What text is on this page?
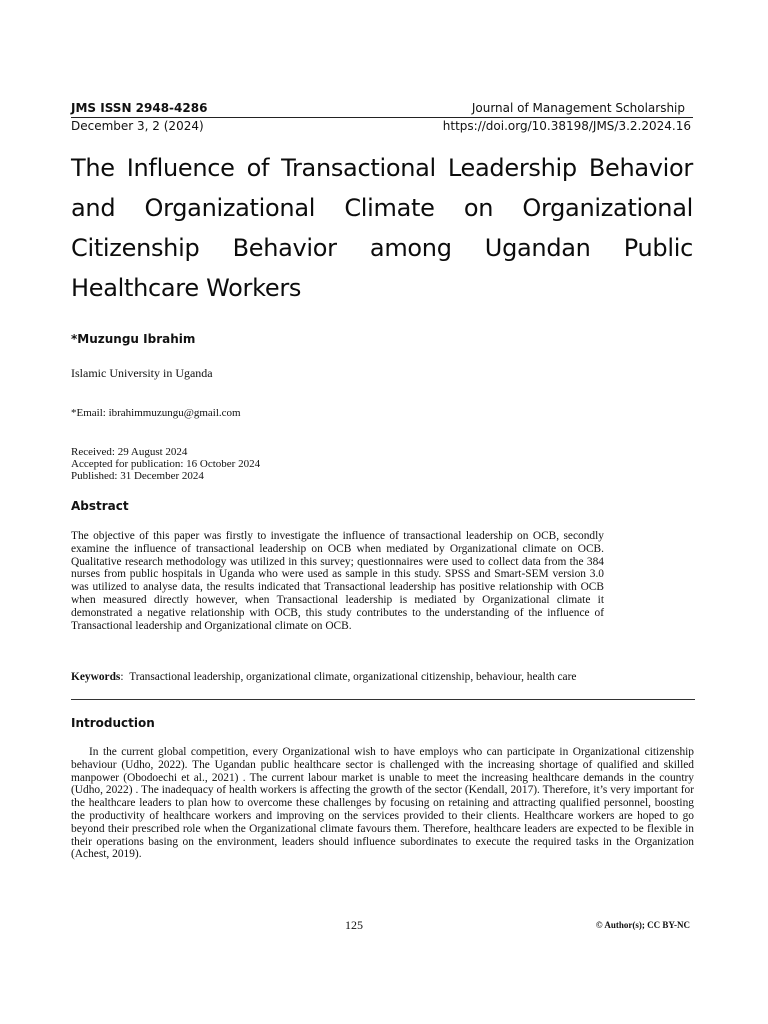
JMS ISSN 2948-4286	Journal of Management Scholarship
December 3, 2 (2024)	https://doi.org/10.38198/JMS/3.2.2024.16
The Influence of Transactional Leadership Behavior and Organizational Climate on Organizational Citizenship Behavior among Ugandan Public Healthcare Workers
*Muzungu Ibrahim
Islamic University in Uganda
*Email: ibrahimmuzungu@gmail.com
Received: 29 August 2024
Accepted for publication: 16 October 2024
Published: 31 December 2024
Abstract
The objective of this paper was firstly to investigate the influence of transactional leadership on OCB, secondly examine the influence of transactional leadership on OCB when mediated by Organizational climate on OCB. Qualitative research methodology was utilized in this survey; questionnaires were used to collect data from the 384 nurses from public hospitals in Uganda who were used as sample in this study. SPSS and Smart-SEM version 3.0 was utilized to analyse data, the results indicated that Transactional leadership has positive relationship with OCB when measured directly however, when Transactional leadership is mediated by Organizational climate it demonstrated a negative relationship with OCB, this study contributes to the understanding of the influence of Transactional leadership and Organizational climate on OCB.
Keywords:  Transactional leadership, organizational climate, organizational citizenship, behaviour, health care
Introduction
In the current global competition, every Organizational wish to have employs who can participate in Organizational citizenship behaviour (Udho, 2022). The Ugandan public healthcare sector is challenged with the increasing shortage of qualified and skilled manpower (Obodoechi et al., 2021) . The current labour market is unable to meet the increasing healthcare demands in the country (Udho, 2022) . The inadequacy of health workers is affecting the growth of the sector (Kendall, 2017). Therefore, it’s very important for the healthcare leaders to plan how to overcome these challenges by focusing on retaining and attracting qualified personnel, boosting the productivity of healthcare workers and improving on the services provided to their clients. Healthcare workers are hoped to go beyond their prescribed role when the Organizational climate favours them. Therefore, healthcare leaders are expected to be flexible in their operations basing on the environment, leaders should influence subordinates to execute the required tasks in the Organization (Achest, 2019).
125	© Author(s); CC BY-NC
